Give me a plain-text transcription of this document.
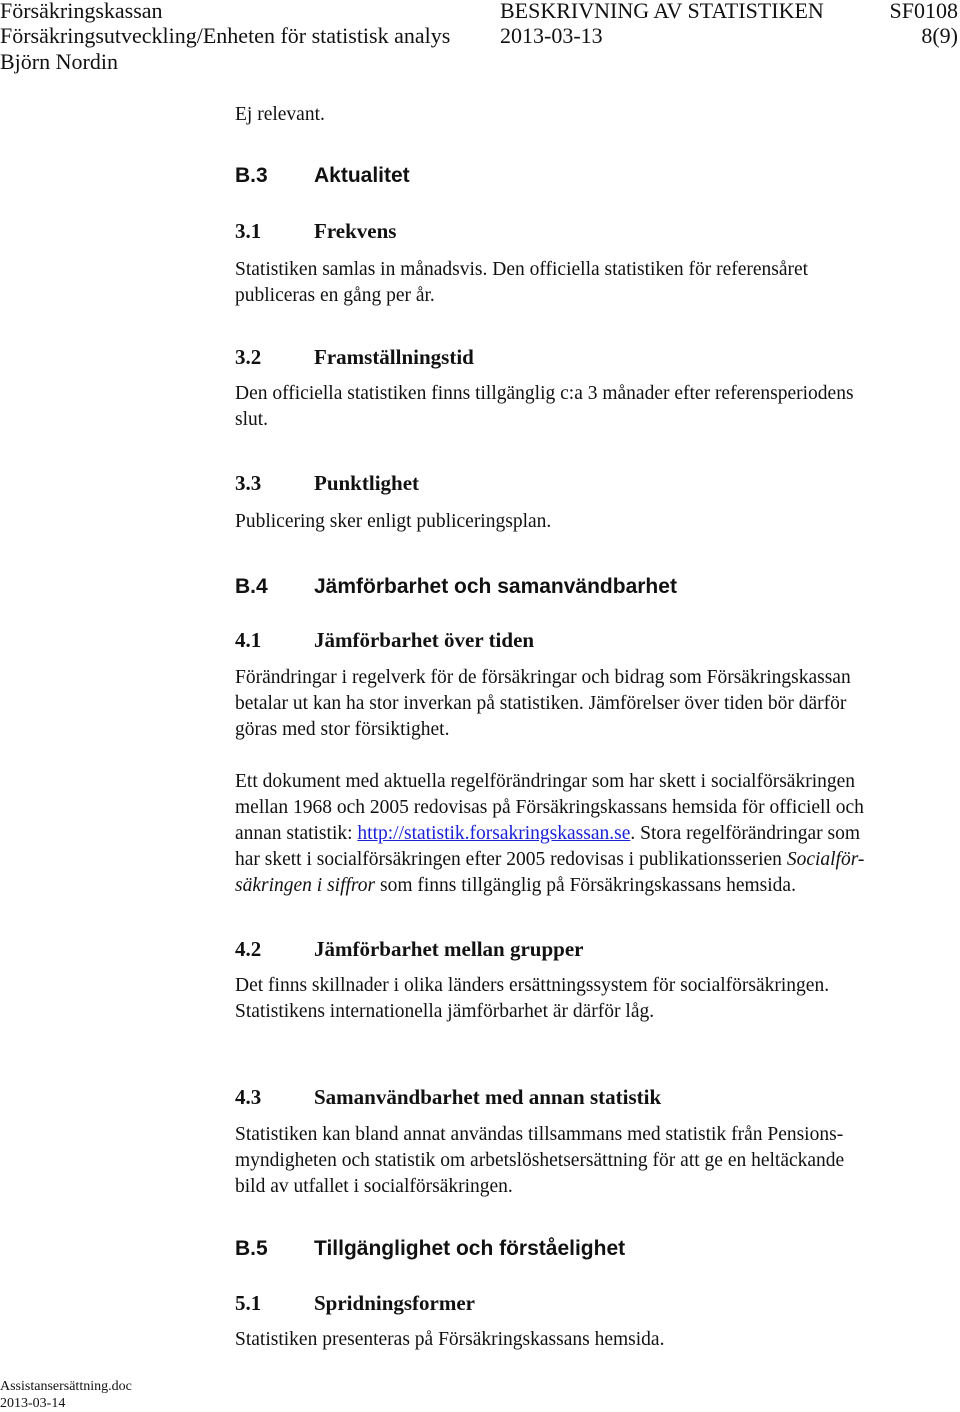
Försäkringskassan
Försäkringsutveckling/Enheten för statistisk analys
Björn Nordin
BESKRIVNING AV STATISTIKEN
2013-03-13
SF0108
8(9)

Ej relevant.

B.3	Aktualitet
3.1	Frekvens
Statistiken samlas in månadsvis. Den officiella statistiken för referensåret
publiceras en gång per år.
3.2	Framställningstid
Den officiella statistiken finns tillgänglig c:a 3 månader efter referensperiodens
slut.
3.3	Punktlighet
Publicering sker enligt publiceringsplan.
B.4	Jämförbarhet och samanvändbarhet
4.1	Jämförbarhet över tiden
Förändringar i regelverk för de försäkringar och bidrag som Försäkringskassan
betalar ut kan ha stor inverkan på statistiken. Jämförelser över tiden bör därför
göras med stor försiktighet.
Ett dokument med aktuella regelförändringar som har skett i socialförsäkringen
mellan 1968 och 2005 redovisas på Försäkringskassans hemsida för officiell och
annan statistik: http://statistik.forsakringskassan.se. Stora regelförändringar som
har skett i socialförsäkringen efter 2005 redovisas i publikationsserien Socialför-
säkringen i siffror som finns tillgänglig på Försäkringskassans hemsida.
4.2	Jämförbarhet mellan grupper
Det finns skillnader i olika länders ersättningssystem för socialförsäkringen.
Statistikens internationella jämförbarhet är därför låg.
4.3	Samanvändbarhet med annan statistik
Statistiken kan bland annat användas tillsammans med statistik från Pensions-
myndigheten och statistik om arbetslöshetsersättning för att ge en heltäckande
bild av utfallet i socialförsäkringen.
B.5	Tillgänglighet och förståelighet
5.1	Spridningsformer
Statistiken presenteras på Försäkringskassans hemsida.
Assistansersättning.doc
2013-03-14
